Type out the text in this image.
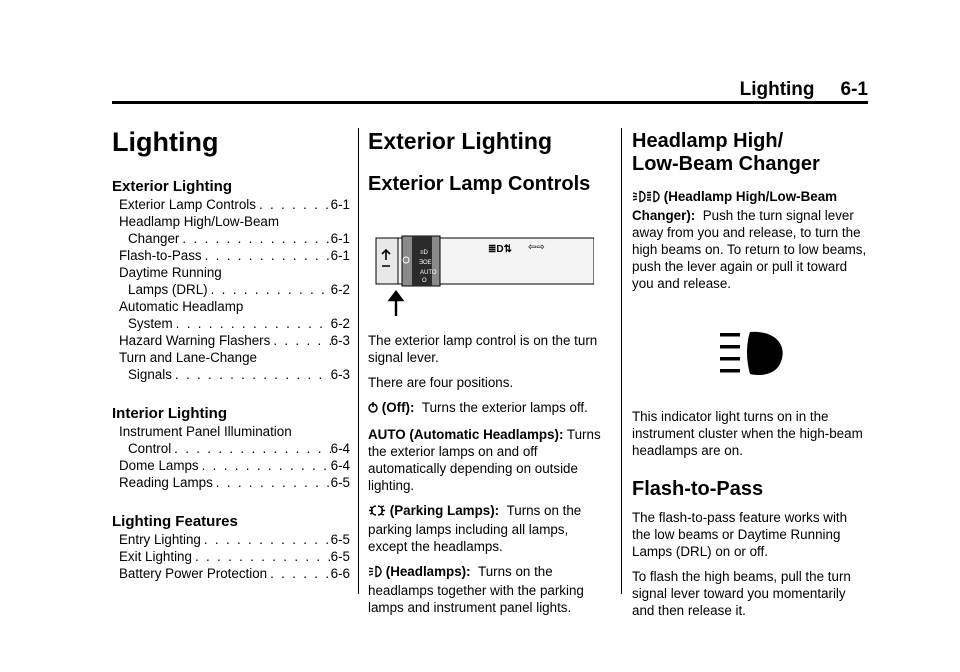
Lighting 6-1
Lighting
Exterior Lighting
Exterior Lamp Controls . . .	6-1
Headlamp High/Low-Beam
Changer . . .	6-1
Flash-to-Pass . . .	6-1
Daytime Running
Lamps (DRL) . . .	6-2
Automatic Headlamp
System . . .	6-2
Hazard Warning Flashers . . .	6-3
Turn and Lane-Change
Signals . . .	6-3
Interior Lighting
Instrument Panel Illumination
Control . . .	6-4
Dome Lamps . . .	6-4
Reading Lamps . . .	6-5
Lighting Features
Entry Lighting . . .	6-5
Exit Lighting . . .	6-5
Battery Power Protection . . .	6-6
Exterior Lighting
Exterior Lamp Controls
≡D
ƎOE
AUTO
O
≣D⇅ ⇦⇨

The exterior lamp control is on the turn signal lever.

There are four positions.

(Off): Turns the exterior lamps off.

AUTO (Automatic Headlamps): Turns the exterior lamps on and off automatically depending on outside lighting.

(Parking Lamps): Turns on the parking lamps including all lamps, except the headlamps.

(Headlamps): Turns on the headlamps together with the parking lamps and instrument panel lights.

Headlamp High/
Low-Beam Changer

(Headlamp High/Low-Beam Changer): Push the turn signal lever away from you and release, to turn the high beams on. To return to low beams, push the lever again or pull it toward you and release.

This indicator light turns on in the instrument cluster when the high-beam headlamps are on.

Flash-to-Pass

The flash-to-pass feature works with the low beams or Daytime Running Lamps (DRL) on or off.

To flash the high beams, pull the turn signal lever toward you momentarily and then release it.
